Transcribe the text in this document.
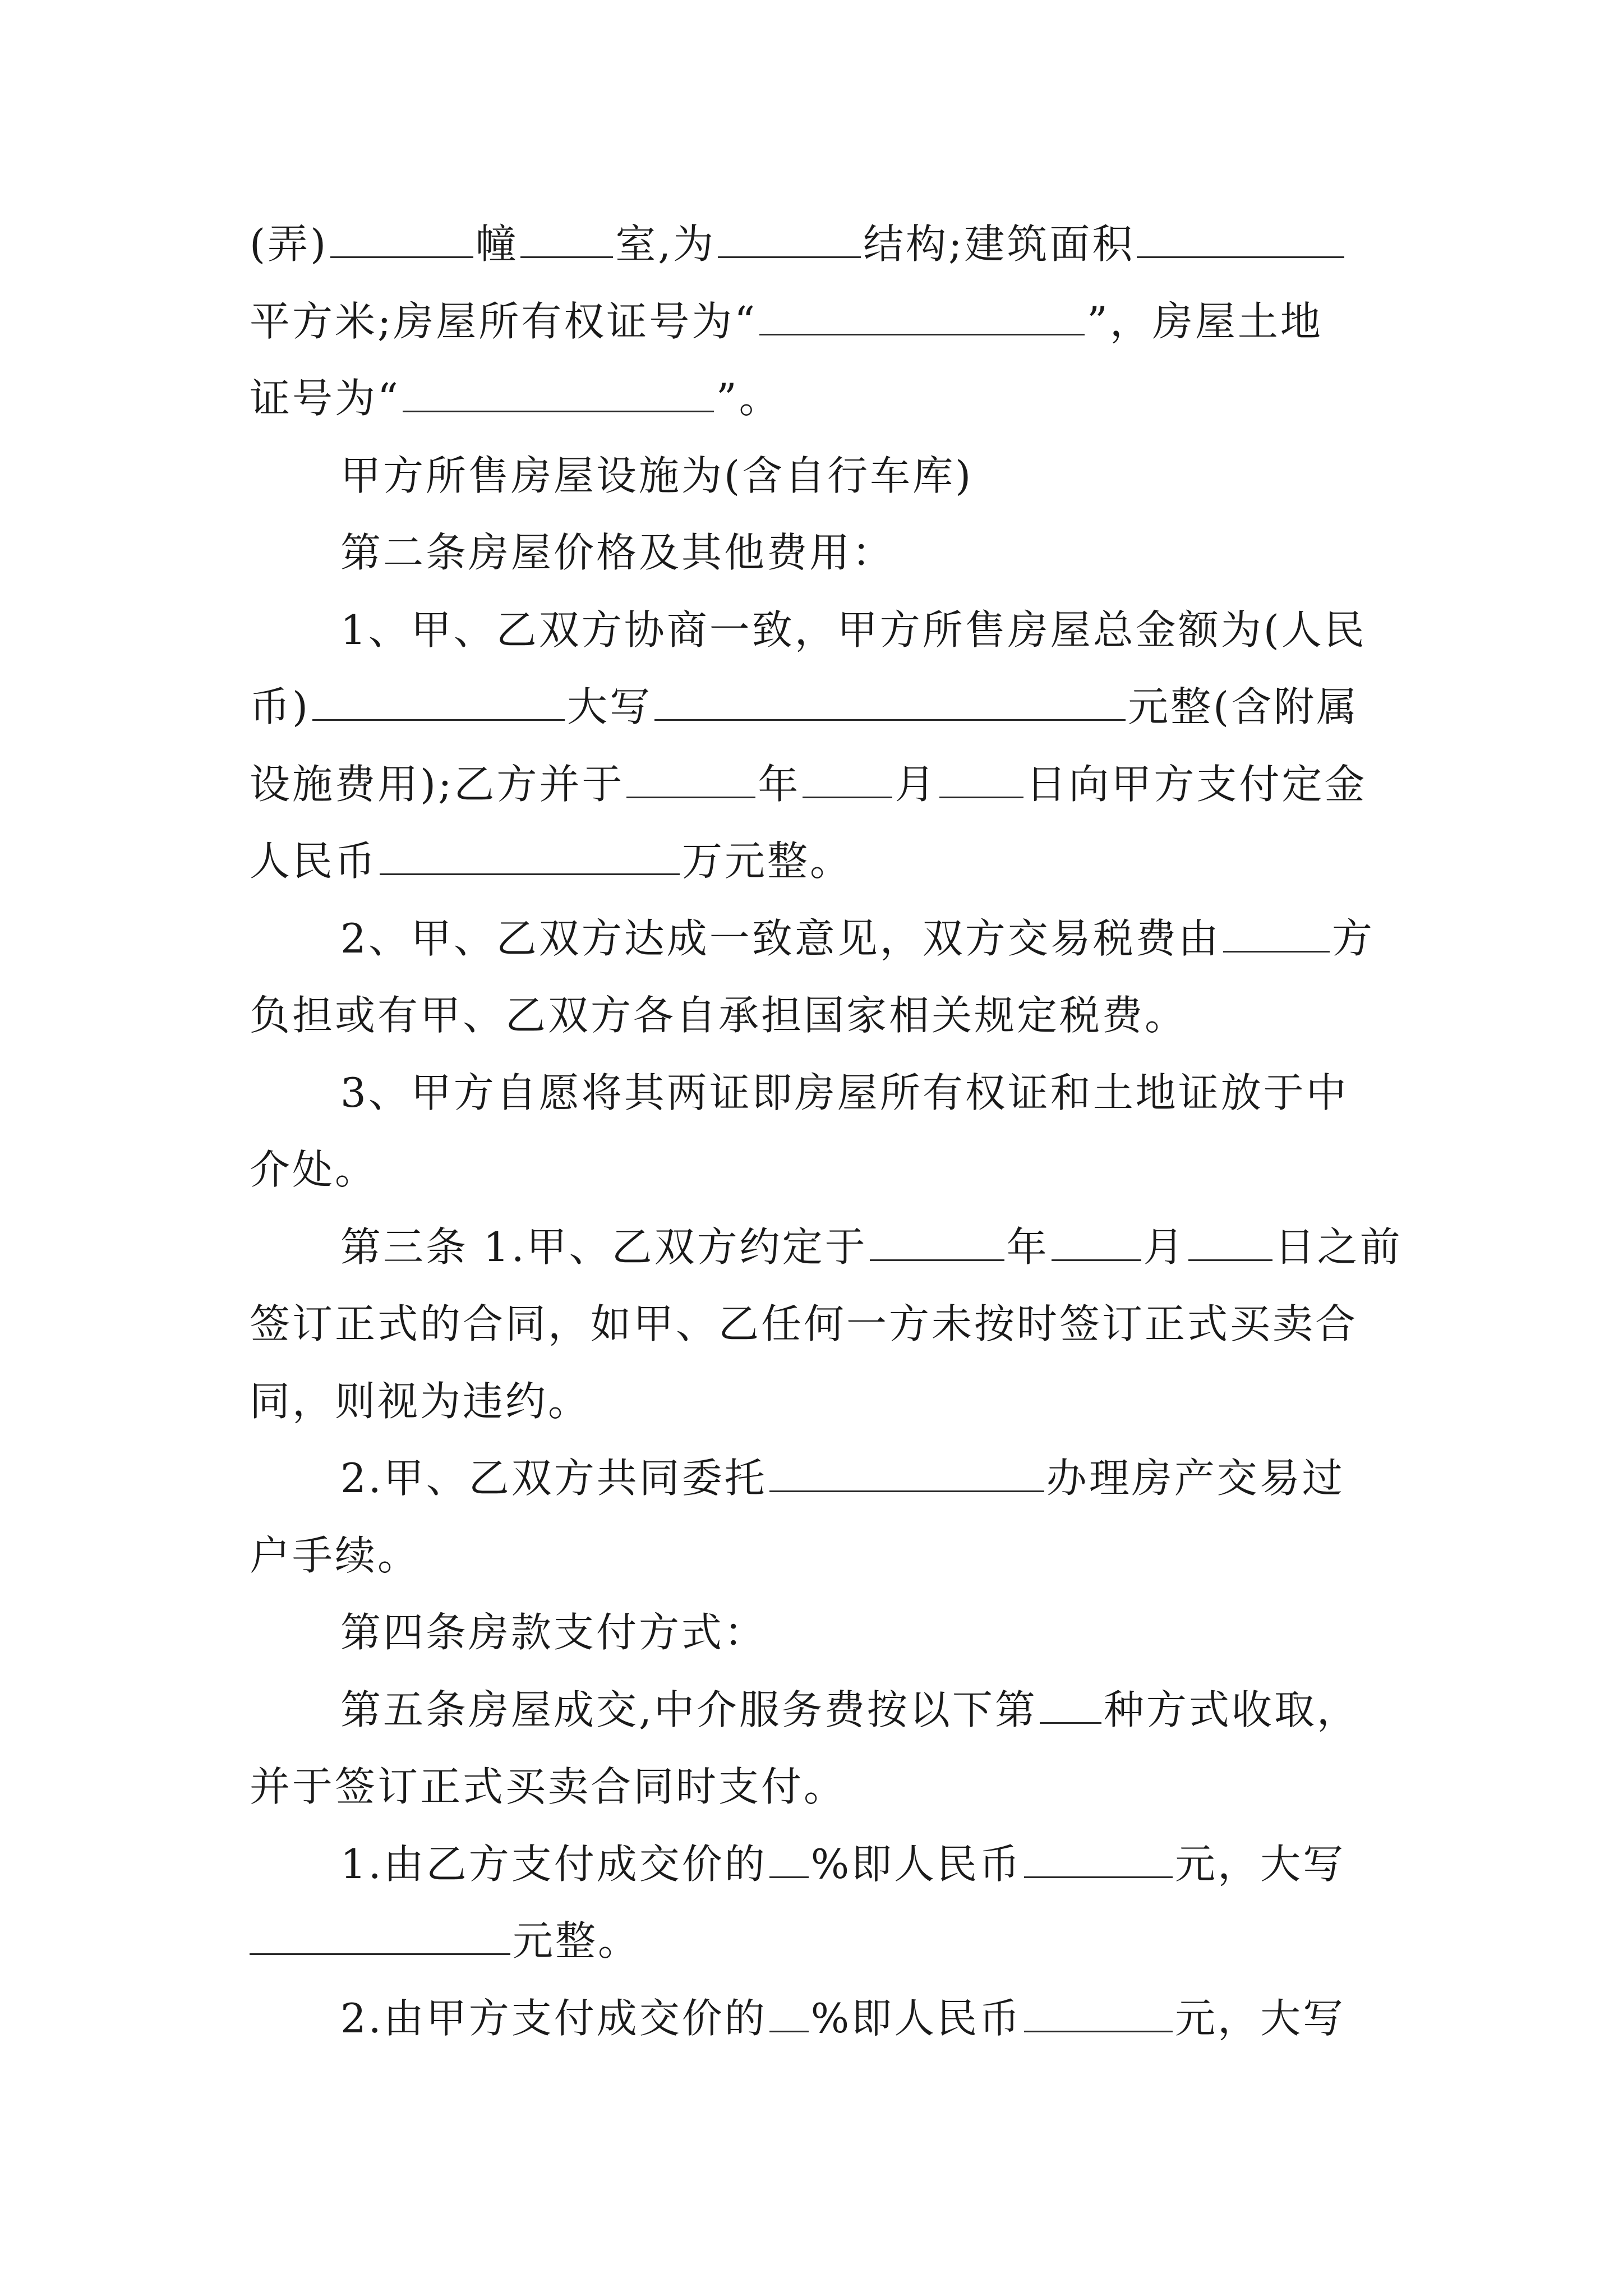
(弄)	幢 室,为	结构;建筑面积
平方米;房屋所有权证号为“	”，房屋土地
证号为“	”。
甲方所售房屋设施为(含自行车库)
第二条房屋价格及其他费用：
1、甲、乙双方协商一致，甲方所售房屋总金额为(人民
币)	大写	元整(含附属
设施费用);乙方并于	年 月 日向甲方支付定金
人民币	万元整。
2、甲、乙双方达成一致意见，双方交易税费由	方
负担或有甲、乙双方各自承担国家相关规定税费。
3、甲方自愿将其两证即房屋所有权证和土地证放于中
介处。
第三条 1.甲、乙双方约定于	年 月 日之前
签订正式的合同，如甲、乙任何一方未按时签订正式买卖合
同，则视为违约。
2.甲、乙双方共同委托	办理房产交易过
户手续。
第四条房款支付方式：
第五条房屋成交,中介服务费按以下第 种方式收取，
并于签订正式买卖合同时支付。
1.由乙方支付成交价的 %即人民币	元，大写
元整。
2.由甲方支付成交价的 %即人民币	元，大写
